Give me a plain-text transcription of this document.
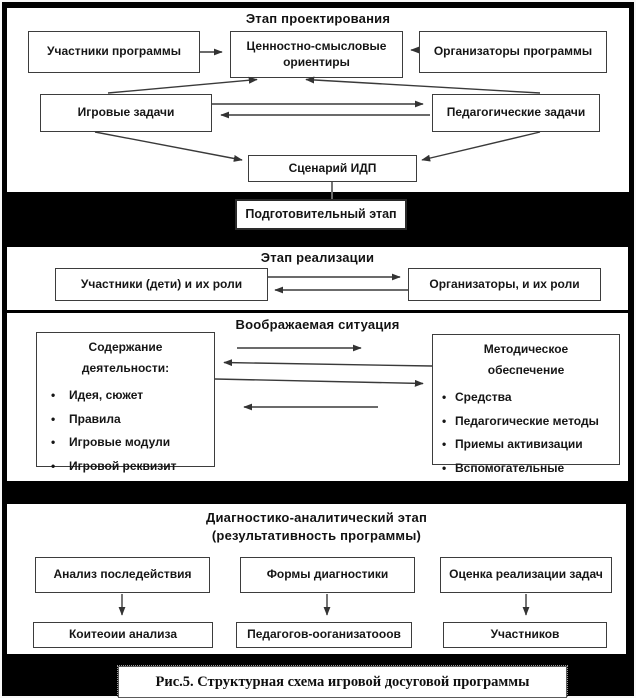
Этап проектирования
Участники программы	Ценностно-смысловые
ориентиры
Организаторы программы
Игровые задачи	Педагогические задачи
Сценарий ИДП
Подготовительный этап
Этап реализации
Участники (дети) и их роли	Организаторы, и их роли
Воображаемая ситуация
Содержание
деятельности:
• Идея, сюжет
• Правила
• Игровые модули
• Игровой реквизит
Методическое
обеспечение
• Средства
• Педагогические методы
• Приемы активизации
• Вспомогательные
Диагностико-аналитический этап
(результативность программы)
Анализ последействия	Формы диагностики	Оценка реализации задач
Коитеоии анализа	Педагогов-ооганизатооов	Участников
Рис.5. Структурная схема игровой досуговой программы
